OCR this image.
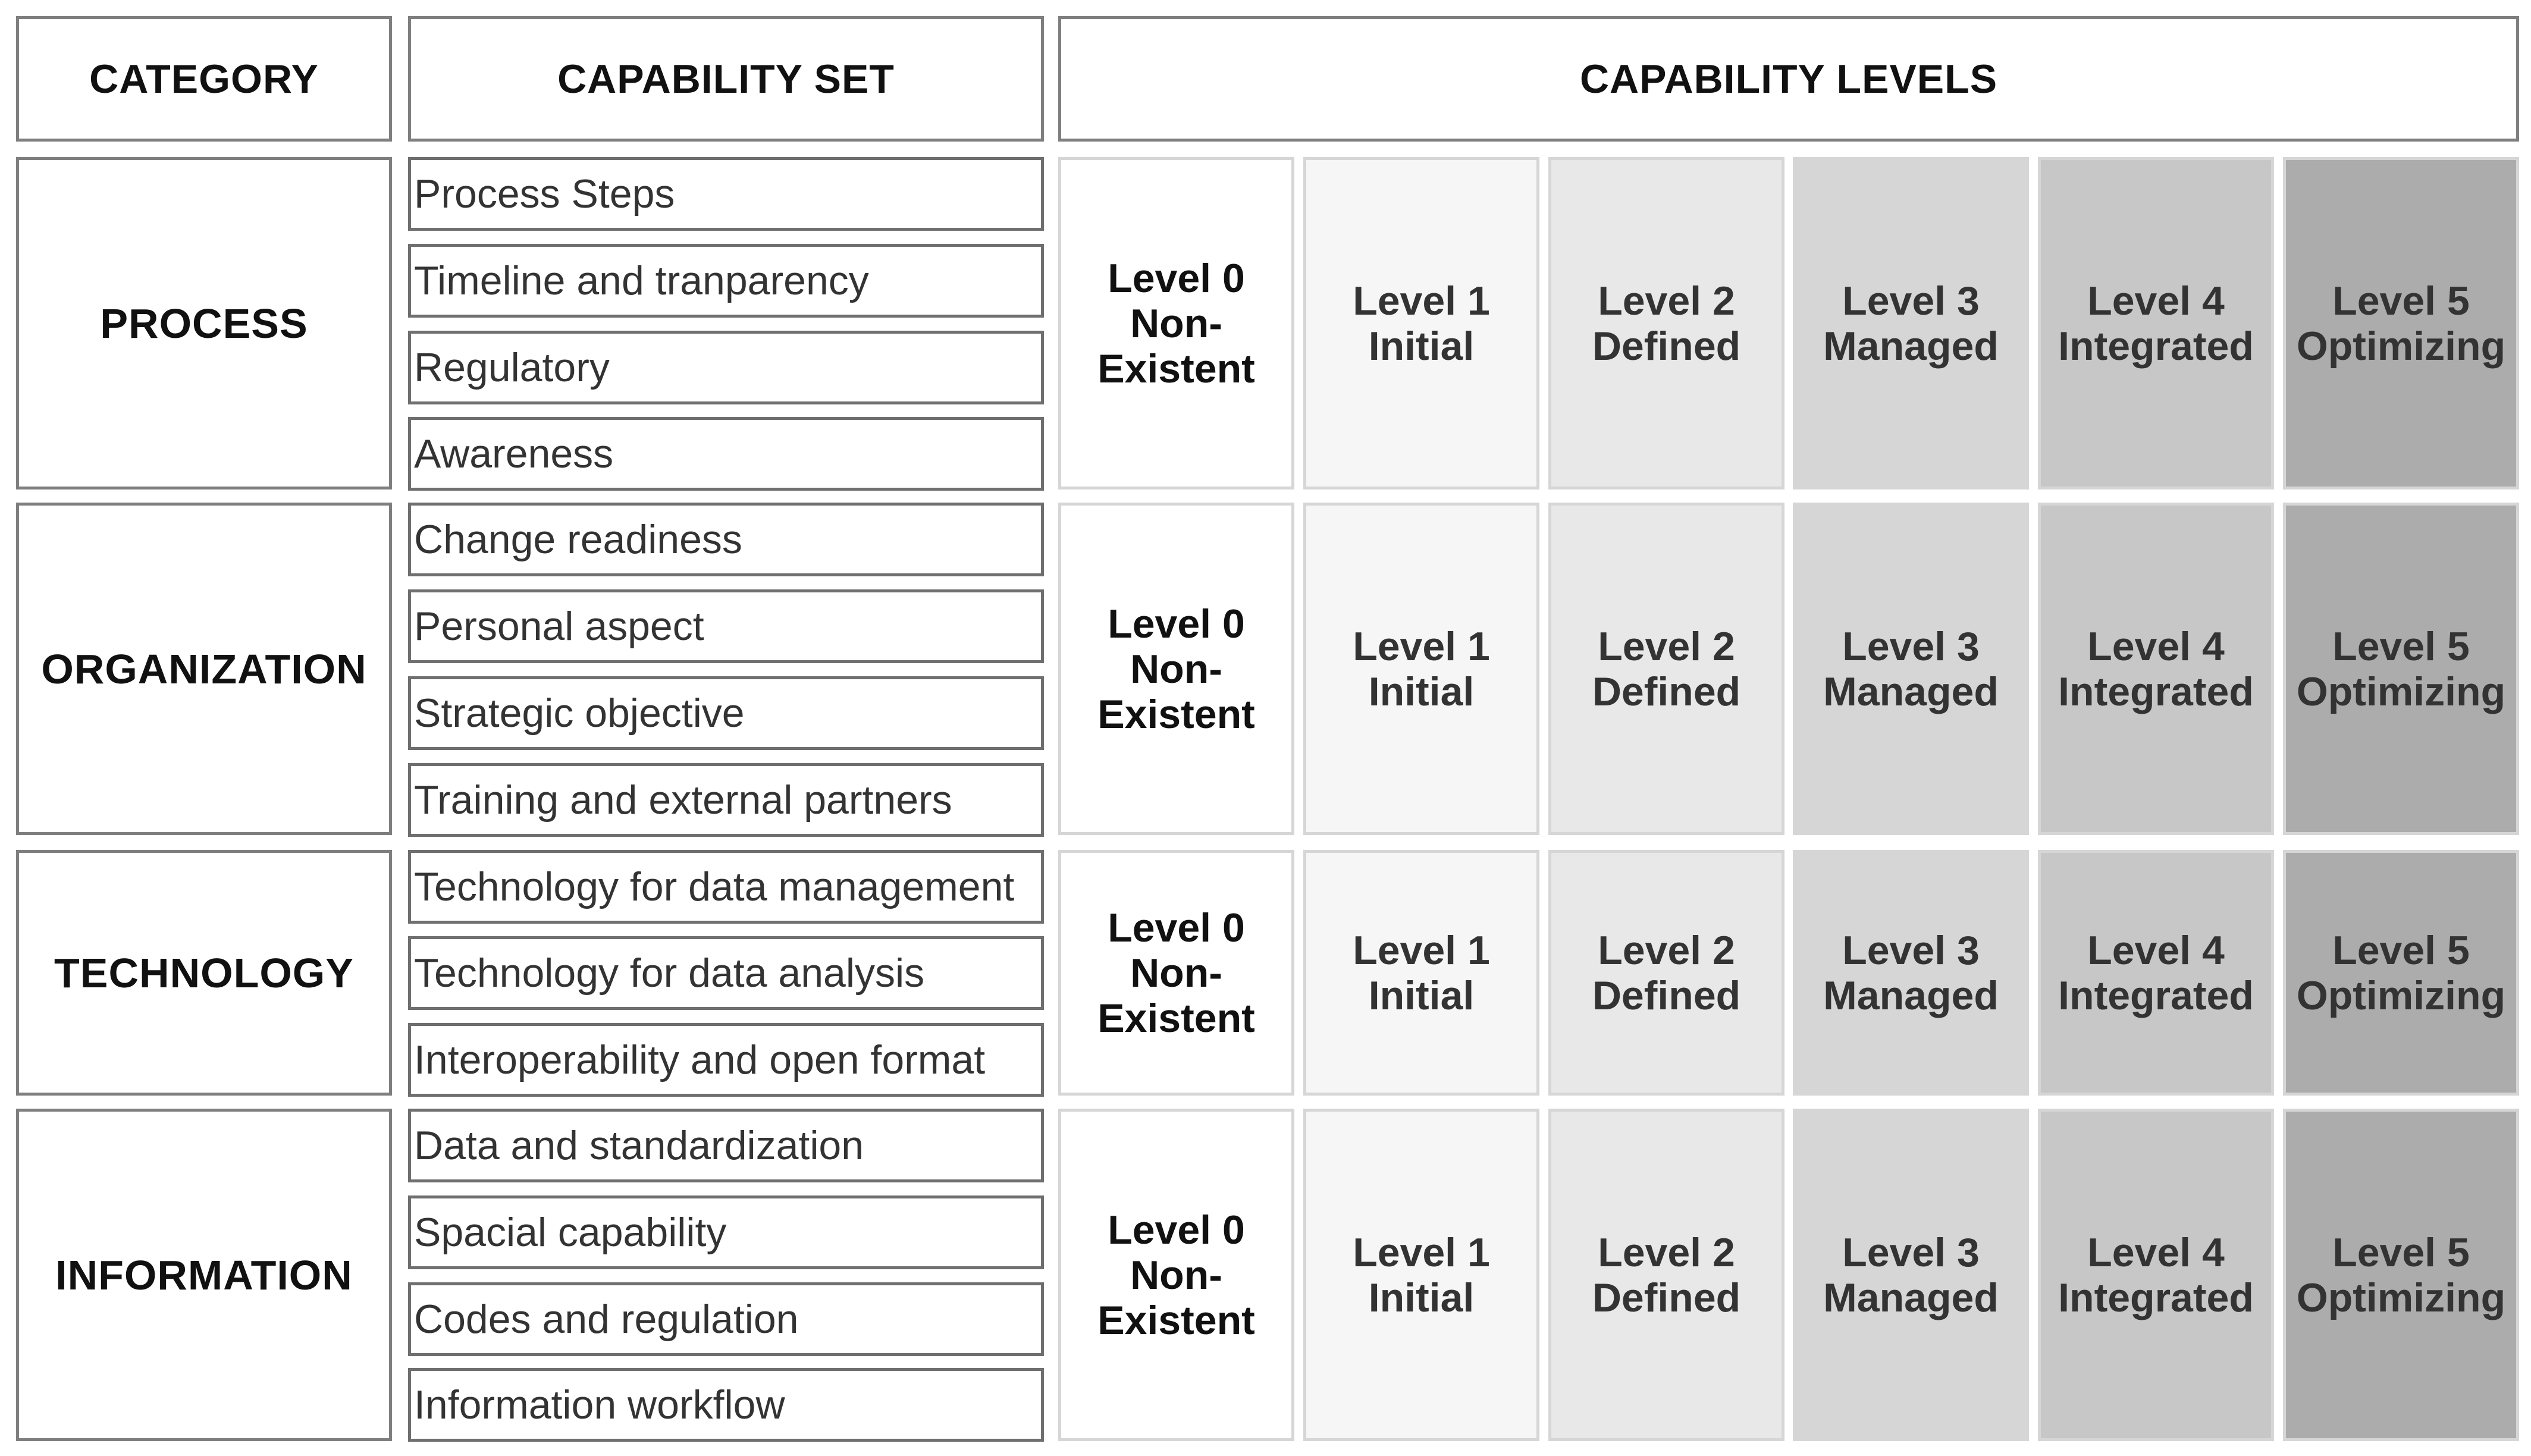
CATEGORY	CAPABILITY SET	CAPABILITY LEVELS
PROCESS
Process Steps
Timeline and tranparency
Regulatory
Awareness
Level 0
Non-
Existent
Level 1
Initial
Level 2
Defined
Level 3
Managed
Level 4
Integrated
Level 5
Optimizing
ORGANIZATION
Change readiness
Personal aspect
Strategic objective
Training and external partners
Level 0
Non-
Existent
Level 1
Initial
Level 2
Defined
Level 3
Managed
Level 4
Integrated
Level 5
Optimizing
TECHNOLOGY
Technology for data management
Technology for data analysis
Interoperability and open format
Level 0
Non-
Existent
Level 1
Initial
Level 2
Defined
Level 3
Managed
Level 4
Integrated
Level 5
Optimizing
INFORMATION
Data and standardization
Spacial capability
Codes and regulation
Information workflow
Level 0
Non-
Existent
Level 1
Initial
Level 2
Defined
Level 3
Managed
Level 4
Integrated
Level 5
Optimizing
